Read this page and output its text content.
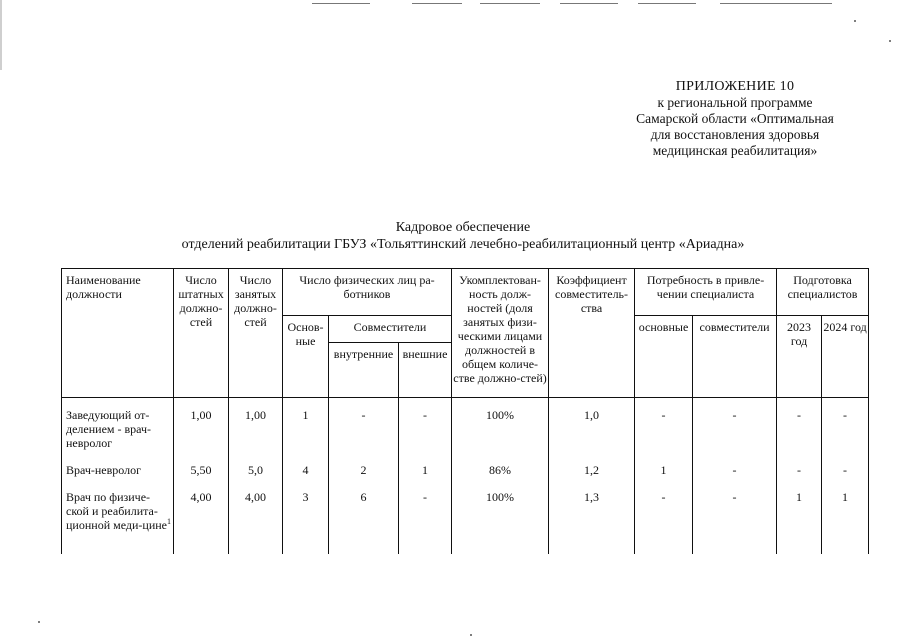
ПРИЛОЖЕНИЕ 10
к региональной программе
Самарской области «Оптимальная
для восстановления здоровья
медицинская реабилитация»
Кадровое обеспечение
отделений реабилитации ГБУЗ «Тольяттинский лечебно-реабилитационный центр «Ариадна»
Наименование должности	Число штатных должно-стей	Число занятых должно-стей	Число физических лиц ра-ботников			Укомплектован-ность долж-ностей (доля занятых физи-ческими лицами должностей в общем количе-стве должно-стей)	Коэффициент совместитель-ства	Потребность в привле-чении специалиста		Подготовка специалистов	
			Основ-ные	Совместители				основные	совместители	2023 год	2024 год
				внутренние	внешние						
Заведующий от-делением - врач-невролог	1,00	1,00	1	-	-	100%	1,0	-	-	-	-
Врач-невролог	5,50	5,0	4	2	1	86%	1,2	1	-	-	-
Врач по физиче-ской и реабилита-ционной меди-цине$^1$	4,00	4,00	3	6	-	100%	1,3	-	-	1	1
